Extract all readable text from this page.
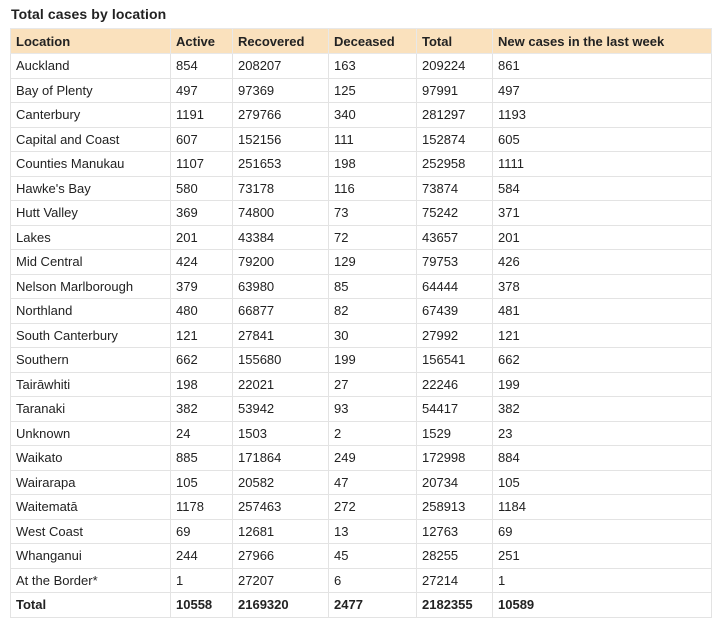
Total cases by location
Location	Active	Recovered	Deceased	Total	New cases in the last week
Auckland	854	208207	163	209224	861
Bay of Plenty	497	97369	125	97991	497
Canterbury	1191	279766	340	281297	1193
Capital and Coast	607	152156	111	152874	605
Counties Manukau	1107	251653	198	252958	1111
Hawke's Bay	580	73178	116	73874	584
Hutt Valley	369	74800	73	75242	371
Lakes	201	43384	72	43657	201
Mid Central	424	79200	129	79753	426
Nelson Marlborough	379	63980	85	64444	378
Northland	480	66877	82	67439	481
South Canterbury	121	27841	30	27992	121
Southern	662	155680	199	156541	662
Tairāwhiti	198	22021	27	22246	199
Taranaki	382	53942	93	54417	382
Unknown	24	1503	2	1529	23
Waikato	885	171864	249	172998	884
Wairarapa	105	20582	47	20734	105
Waitematā	1178	257463	272	258913	1184
West Coast	69	12681	13	12763	69
Whanganui	244	27966	45	28255	251
At the Border*	1	27207	6	27214	1
Total	10558	2169320	2477	2182355	10589
